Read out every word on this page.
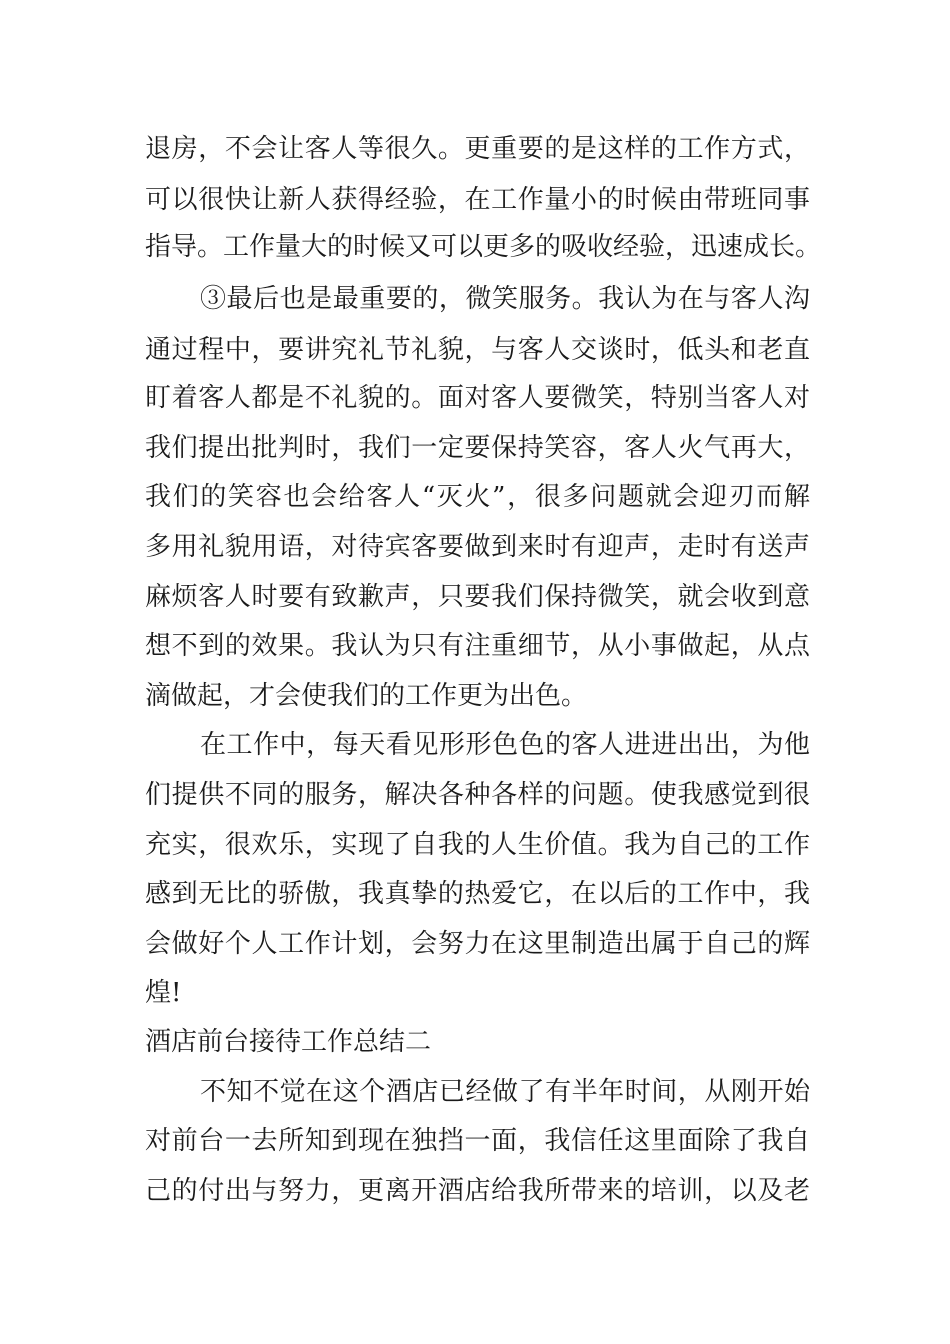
退房，不会让客人等很久。更重要的是这样的工作方式，
可以很快让新人获得经验，在工作量小的时候由带班同事
指导。工作量大的时候又可以更多的吸收经验，迅速成长。
③最后也是最重要的，微笑服务。我认为在与客人沟
通过程中，要讲究礼节礼貌，与客人交谈时，低头和老直
盯着客人都是不礼貌的。面对客人要微笑，特别当客人对
我们提出批判时，我们一定要保持笑容，客人火气再大，
我们的笑容也会给客人“灭火”，很多问题就会迎刃而解
多用礼貌用语，对待宾客要做到来时有迎声，走时有送声
麻烦客人时要有致歉声，只要我们保持微笑，就会收到意
想不到的效果。我认为只有注重细节，从小事做起，从点
滴做起，才会使我们的工作更为出色。
在工作中，每天看见形形色色的客人进进出出，为他
们提供不同的服务，解决各种各样的问题。使我感觉到很
充实，很欢乐，实现了自我的人生价值。我为自己的工作
感到无比的骄傲，我真挚的热爱它，在以后的工作中，我
会做好个人工作计划，会努力在这里制造出属于自己的辉
煌!
酒店前台接待工作总结二
不知不觉在这个酒店已经做了有半年时间，从刚开始
对前台一去所知到现在独挡一面，我信任这里面除了我自
己的付出与努力，更离开酒店给我所带来的培训，以及老
